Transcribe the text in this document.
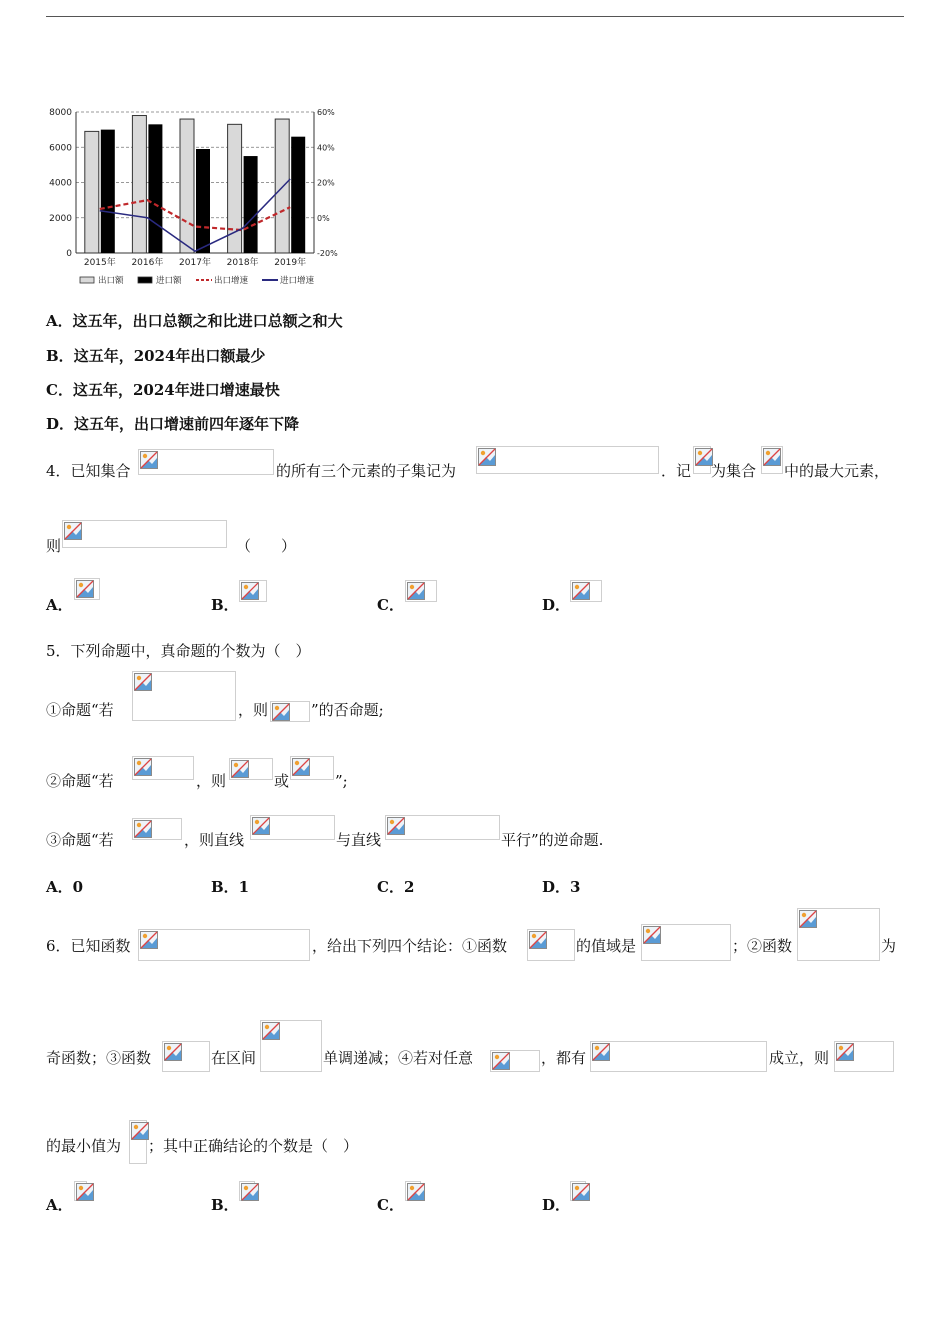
8000
6000
4000
2000
0
60%
40%
20%
0%
-20%
2015年 2016年 2017年 2018年 2019年
出口额	进口额	出口增速	进口增速
A．这五年，出口总额之和比进口总额之和大
B．这五年，2024年出口额最少
C．这五年，2024年进口增速最快
D．这五年，出口增速前四年逐年下降
4．已知集合	的所有三个元素的子集记为	．记 为集合 中的最大元素，
则	（　　）
A．	B．	C．	D．
5．下列命题中，真命题的个数为（　）
①命题“若	，则	”的否命题;
②命题“若	，则	或	”;
③命题“若	，则直线	与直线	平行”的逆命题.
A．0	B．1	C．2	D．3
6．已知函数	，给出下列四个结论：①函数	的值域是	；②函数	为
奇函数；③函数	在区间	单调递减；④若对任意	，都有	成立，则
的最小值为 ；其中正确结论的个数是（　）
A．	B．	C．	D．
